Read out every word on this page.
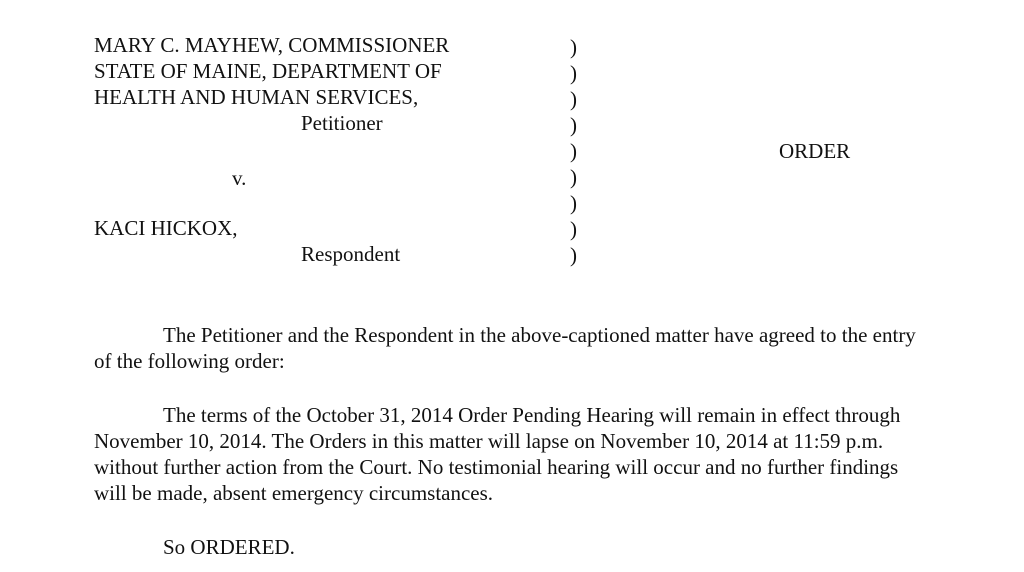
MARY C. MAYHEW, COMMISSIONER
STATE OF MAINE, DEPARTMENT OF
HEALTH AND HUMAN SERVICES,
Petitioner
v.
KACI HICKOX,
Respondent
)
)
)
)
)
)
)
)
)
ORDER
The Petitioner and the Respondent in the above-captioned matter have agreed to the entry
of the following order:
The terms of the October 31, 2014 Order Pending Hearing will remain in effect through
November 10, 2014. The Orders in this matter will lapse on November 10, 2014 at 11:59 p.m.
without further action from the Court. No testimonial hearing will occur and no further findings
will be made, absent emergency circumstances.
So ORDERED.
